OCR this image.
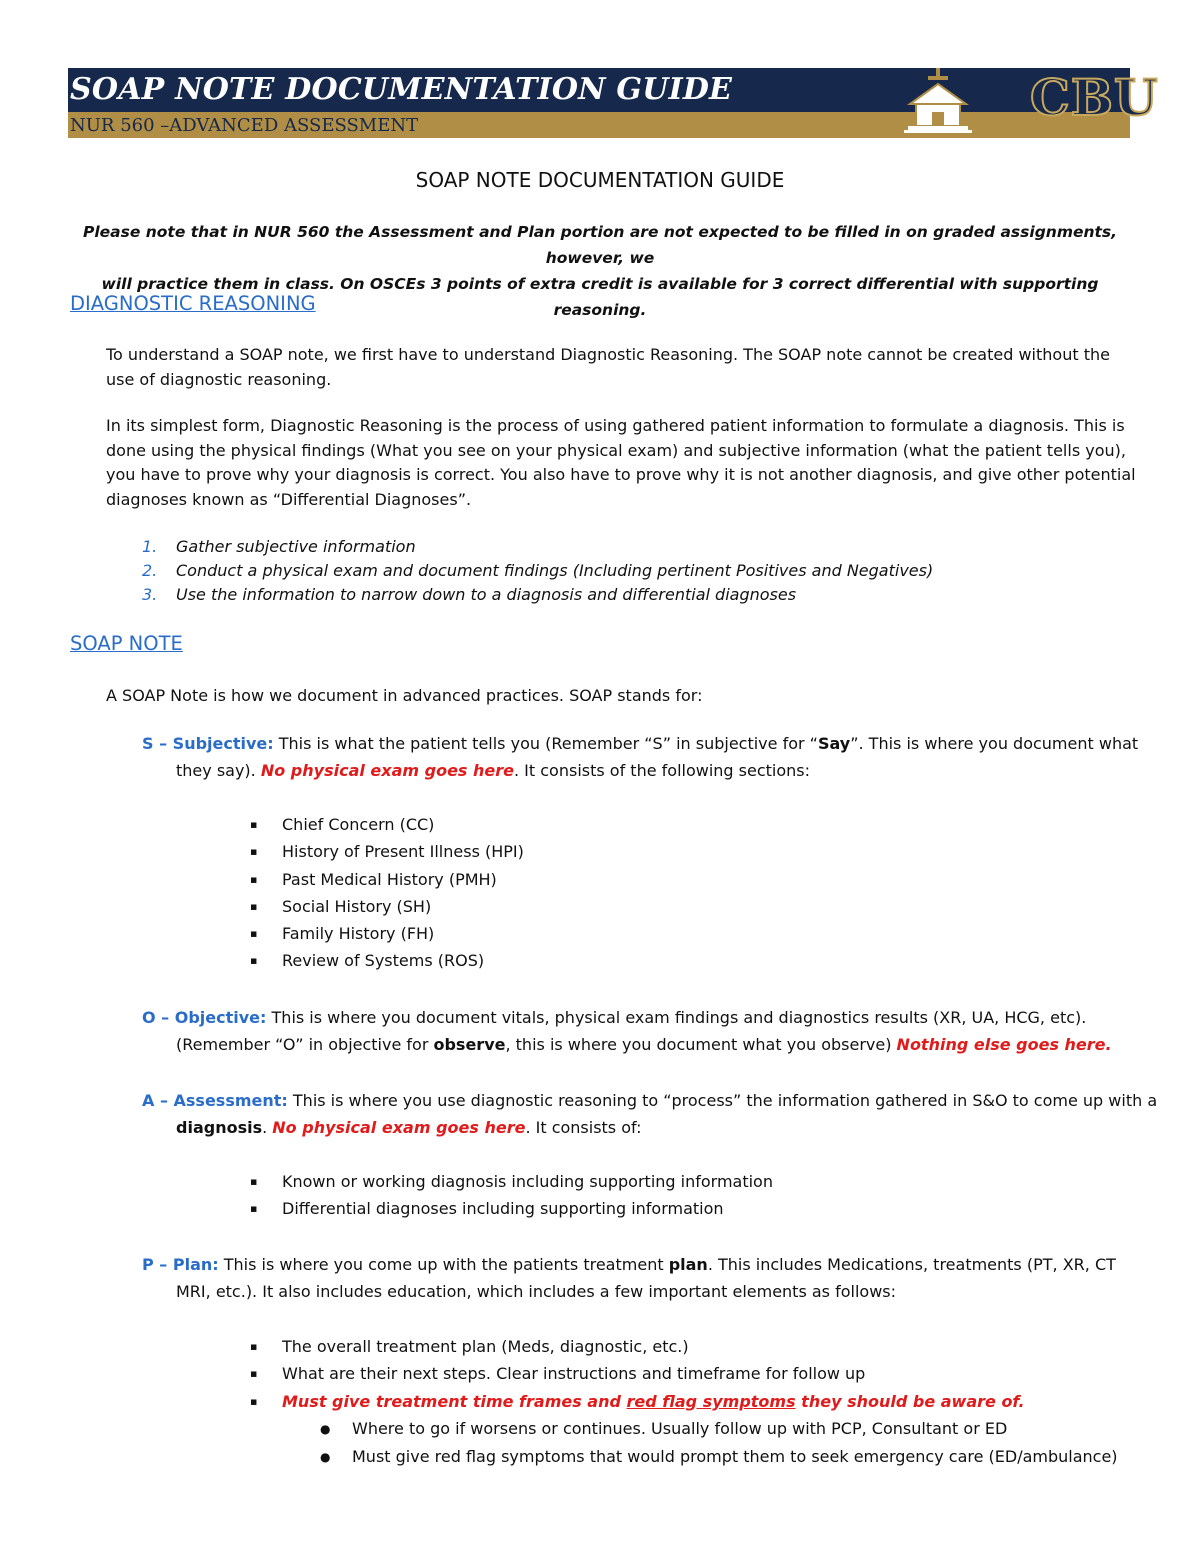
SOAP NOTE DOCUMENTATION GUIDE
NUR 560 –ADVANCED ASSESSMENT	CBU
SOAP NOTE DOCUMENTATION GUIDE
Please note that in NUR 560 the Assessment and Plan portion are not expected to be filled in on graded assignments, however, we
will practice them in class. On OSCEs 3 points of extra credit is available for 3 correct differential with supporting reasoning.
DIAGNOSTIC REASONING
To understand a SOAP note, we first have to understand Diagnostic Reasoning. The SOAP note cannot be created without the
use of diagnostic reasoning.
In its simplest form, Diagnostic Reasoning is the process of using gathered patient information to formulate a diagnosis. This is
done using the physical findings (What you see on your physical exam) and subjective information (what the patient tells you),
you have to prove why your diagnosis is correct. You also have to prove why it is not another diagnosis, and give other potential
diagnoses known as “Differential Diagnoses”.
1. Gather subjective information
2. Conduct a physical exam and document findings (Including pertinent Positives and Negatives)
3. Use the information to narrow down to a diagnosis and differential diagnoses
SOAP NOTE
A SOAP Note is how we document in advanced practices. SOAP stands for:
S – Subjective: This is what the patient tells you (Remember “S” in subjective for “Say”. This is where you document what
they say). No physical exam goes here. It consists of the following sections:
▪ Chief Concern (CC)
▪ History of Present Illness (HPI)
▪ Past Medical History (PMH)
▪ Social History (SH)
▪ Family History (FH)
▪ Review of Systems (ROS)
O – Objective: This is where you document vitals, physical exam findings and diagnostics results (XR, UA, HCG, etc).
(Remember “O” in objective for observe, this is where you document what you observe) Nothing else goes here.
A – Assessment: This is where you use diagnostic reasoning to “process” the information gathered in S&O to come up with a
diagnosis. No physical exam goes here. It consists of:
▪ Known or working diagnosis including supporting information
▪ Differential diagnoses including supporting information
P – Plan: This is where you come up with the patients treatment plan. This includes Medications, treatments (PT, XR, CT
MRI, etc.). It also includes education, which includes a few important elements as follows:
▪ The overall treatment plan (Meds, diagnostic, etc.)
▪ What are their next steps. Clear instructions and timeframe for follow up
▪ Must give treatment time frames and red flag symptoms they should be aware of.
● Where to go if worsens or continues. Usually follow up with PCP, Consultant or ED
● Must give red flag symptoms that would prompt them to seek emergency care (ED/ambulance)
